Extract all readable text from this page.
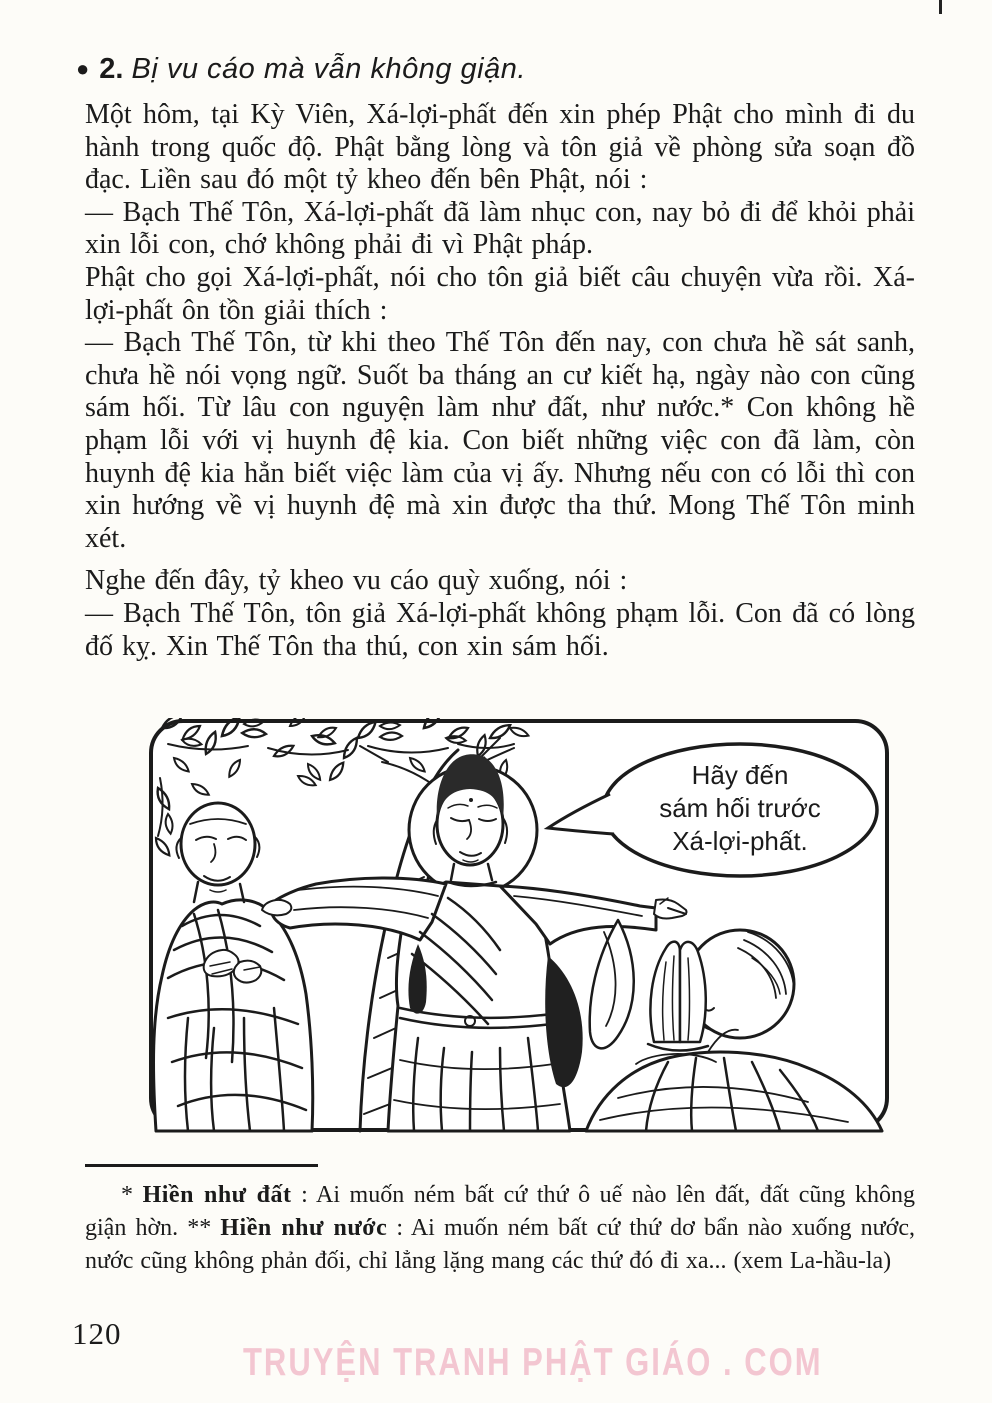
● 2. Bị vu cáo mà vẫn không giận.

Một hôm, tại Kỳ Viên, Xá-lợi-phất đến xin phép Phật cho mình đi du hành trong quốc độ. Phật bằng lòng và tôn giả về phòng sửa soạn đồ đạc. Liền sau đó một tỷ kheo đến bên Phật, nói :

— Bạch Thế Tôn, Xá-lợi-phất đã làm nhục con, nay bỏ đi để khỏi phải xin lỗi con, chớ không phải đi vì Phật pháp.

Phật cho gọi Xá-lợi-phất, nói cho tôn giả biết câu chuyện vừa rồi. Xá-lợi-phất ôn tồn giải thích :

— Bạch Thế Tôn, từ khi theo Thế Tôn đến nay, con chưa hề sát sanh, chưa hề nói vọng ngữ. Suốt ba tháng an cư kiết hạ, ngày nào con cũng sám hối. Từ lâu con nguyện làm như đất, như nước.* Con không hề phạm lỗi với vị huynh đệ kia. Con biết những việc con đã làm, còn huynh đệ kia hẳn biết việc làm của vị ấy. Nhưng nếu con có lỗi thì con xin hướng về vị huynh đệ mà xin được tha thứ. Mong Thế Tôn minh xét.

Nghe đến đây, tỷ kheo vu cáo quỳ xuống, nói :

— Bạch Thế Tôn, tôn giả Xá-lợi-phất không phạm lỗi. Con đã có lòng đố kỵ. Xin Thế Tôn tha thú, con xin sám hối.

Hãy đến
sám hối trước
Xá-lợi-phất.

* Hiền như đất : Ai muốn ném bất cứ thứ ô uế nào lên đất, đất cũng không giận hờn. ** Hiền như nước : Ai muốn ném bất cứ thứ dơ bẩn nào xuống nước, nước cũng không phản đối, chỉ lẳng lặng mang các thứ đó đi xa... (xem La-hầu-la)

120
TRUYỆN TRANH PHẬT GIÁO . COM
